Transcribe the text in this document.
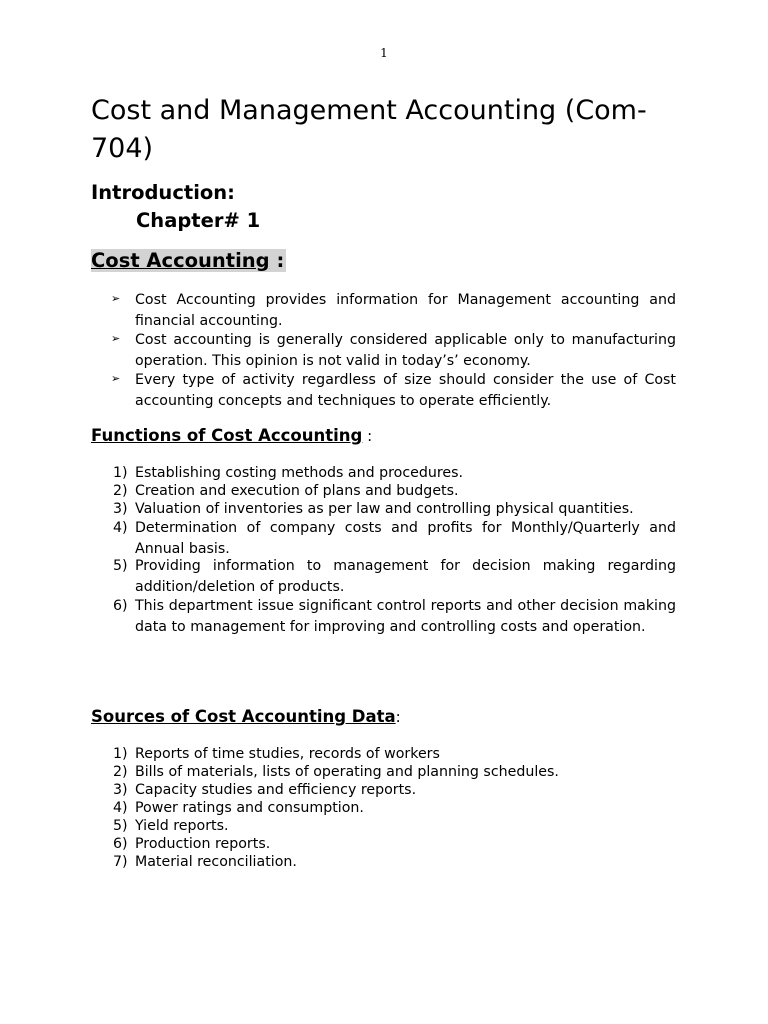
1
Cost and Management Accounting (Com-704)
Introduction:
Chapter# 1
Cost Accounting :
➢ Cost Accounting provides information for Management accounting and financial accounting.
➢ Cost accounting is generally considered applicable only to manufacturing operation. This opinion is not valid in today’s’ economy.
➢ Every type of activity regardless of size should consider the use of Cost accounting concepts and techniques to operate efficiently.
Functions of Cost Accounting :
1) Establishing costing methods and procedures.
2) Creation and execution of plans and budgets.
3) Valuation of inventories as per law and controlling physical quantities.
4) Determination of company costs and profits for Monthly/Quarterly and Annual basis.
5) Providing information to management for decision making regarding addition/deletion of products.
6) This department issue significant control reports and other decision making data to management for improving and controlling costs and operation.
Sources of Cost Accounting Data:
1) Reports of time studies, records of workers
2) Bills of materials, lists of operating and planning schedules.
3) Capacity studies and efficiency reports.
4) Power ratings and consumption.
5) Yield reports.
6) Production reports.
7) Material reconciliation.
